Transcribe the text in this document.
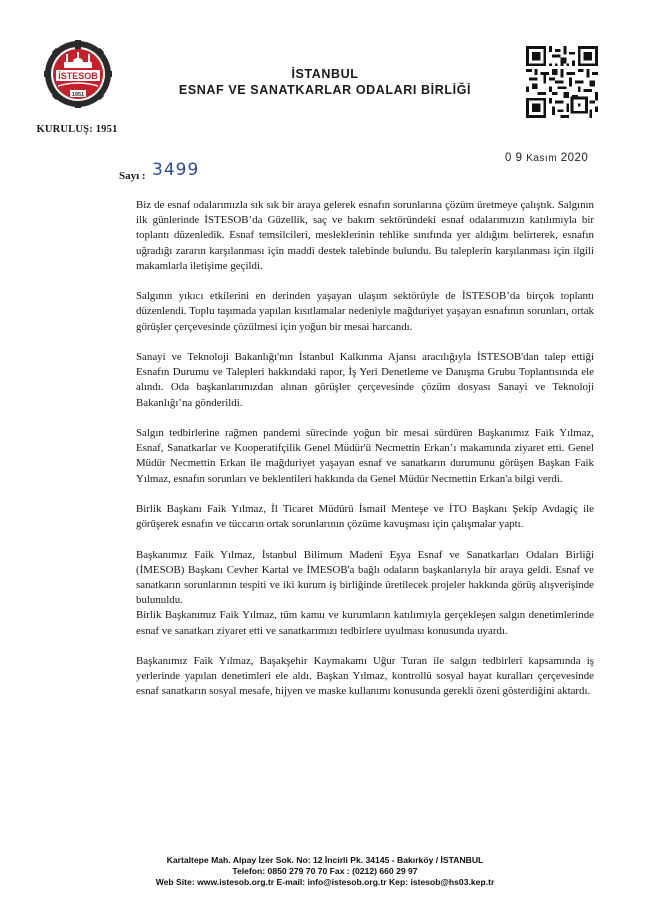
İSTESOB
1951
KURULUŞ: 1951
İSTANBUL
ESNAF VE SANATKARLAR ODALARI BİRLİĞİ
0 9 Kasım 2020
Sayı : 3499

Biz de esnaf odalarımızla sık sık bir araya gelerek esnafın sorunlarına çözüm üretmeye çalıştık. Salgının ilk günlerinde İSTESOB’da Güzellik, saç ve bakım sektöründeki esnaf odalarımızın katılımıyla bir toplantı düzenledik. Esnaf temsilcileri, mesleklerinin tehlike sınıfında yer aldığını belirterek, esnafın uğradığı zararın karşılanması için maddi destek talebinde bulundu. Bu taleplerin karşılanması için ilgili makamlarla iletişime geçildi.

Salgının yıkıcı etkilerini en derinden yaşayan ulaşım sektörüyle de İSTESOB’da birçok toplantı düzenlendi. Toplu taşımada yapılan kısıtlamalar nedeniyle mağduriyet yaşayan esnafının sorunları, ortak görüşler çerçevesinde çözülmesi için yoğun bir mesai harcandı.

Sanayi ve Teknoloji Bakanlığı'nın İstanbul Kalkınma Ajansı aracılığıyla İSTESOB'dan talep ettiği Esnafın Durumu ve Talepleri hakkındaki rapor, İş Yeri Denetleme ve Danışma Grubu Toplantısında ele alındı. Oda başkanlarımızdan alınan görüşler çerçevesinde çözüm dosyası Sanayi ve Teknoloji Bakanlığı’na gönderildi.

Salgın tedbirlerine rağmen pandemi sürecinde yoğun bir mesai sürdüren Başkanımız Faik Yılmaz, Esnaf, Sanatkarlar ve Kooperatifçilik Genel Müdür'ü Necmettin Erkan’ı makamında ziyaret etti. Genel Müdür Necmettin Erkan ile mağduriyet yaşayan esnaf ve sanatkarın durumunu görüşen Başkan Faik Yılmaz, esnafın sorunları ve beklentileri hakkında da Genel Müdür Necmettin Erkan'a bilgi verdi.

Birlik Başkanı Faik Yılmaz, İl Ticaret Müdürü İsmail Menteşe ve İTO Başkanı Şekip Avdagiç ile görüşerek esnafın ve tüccarın ortak sorunlarının çözüme kavuşması için çalışmalar yaptı.

Başkanımız Faik Yılmaz, İstanbul Bilimum Madeni Eşya Esnaf ve Sanatkarları Odaları Birliği (İMESOB) Başkanı Cevher Kartal ve İMESOB'a bağlı odaların başkanlarıyla bir araya geldi. Esnaf ve sanatkarın sorunlarının tespiti ve iki kurum iş birliğinde üretilecek projeler hakkında görüş alışverişinde bulunuldu.

Birlik Başkanımız Faik Yılmaz, tüm kamu ve kurumların katılımıyla gerçekleşen salgın denetimlerinde esnaf ve sanatkarı ziyaret etti ve sanatkarımızı tedbirlere uyulması konusunda uyardı.

Başkanımız Faik Yılmaz, Başakşehir Kaymakamı Uğur Turan ile salgın tedbirleri kapsamında iş yerlerinde yapılan denetimleri ele aldı. Başkan Yılmaz, kontrollü sosyal hayat kuralları çerçevesinde esnaf sanatkarın sosyal mesafe, hijyen ve maske kullanımı konusunda gerekli özeni gösterdiğini aktardı.

Kartaltepe Mah. Alpay İzer Sok. No: 12 İncirli Pk. 34145 - Bakırköy / İSTANBUL
Telefon: 0850 279 70 70 Fax : (0212) 660 29 97
Web Site: www.istesob.org.tr E-mail: info@istesob.org.tr Kep: istesob@hs03.kep.tr
